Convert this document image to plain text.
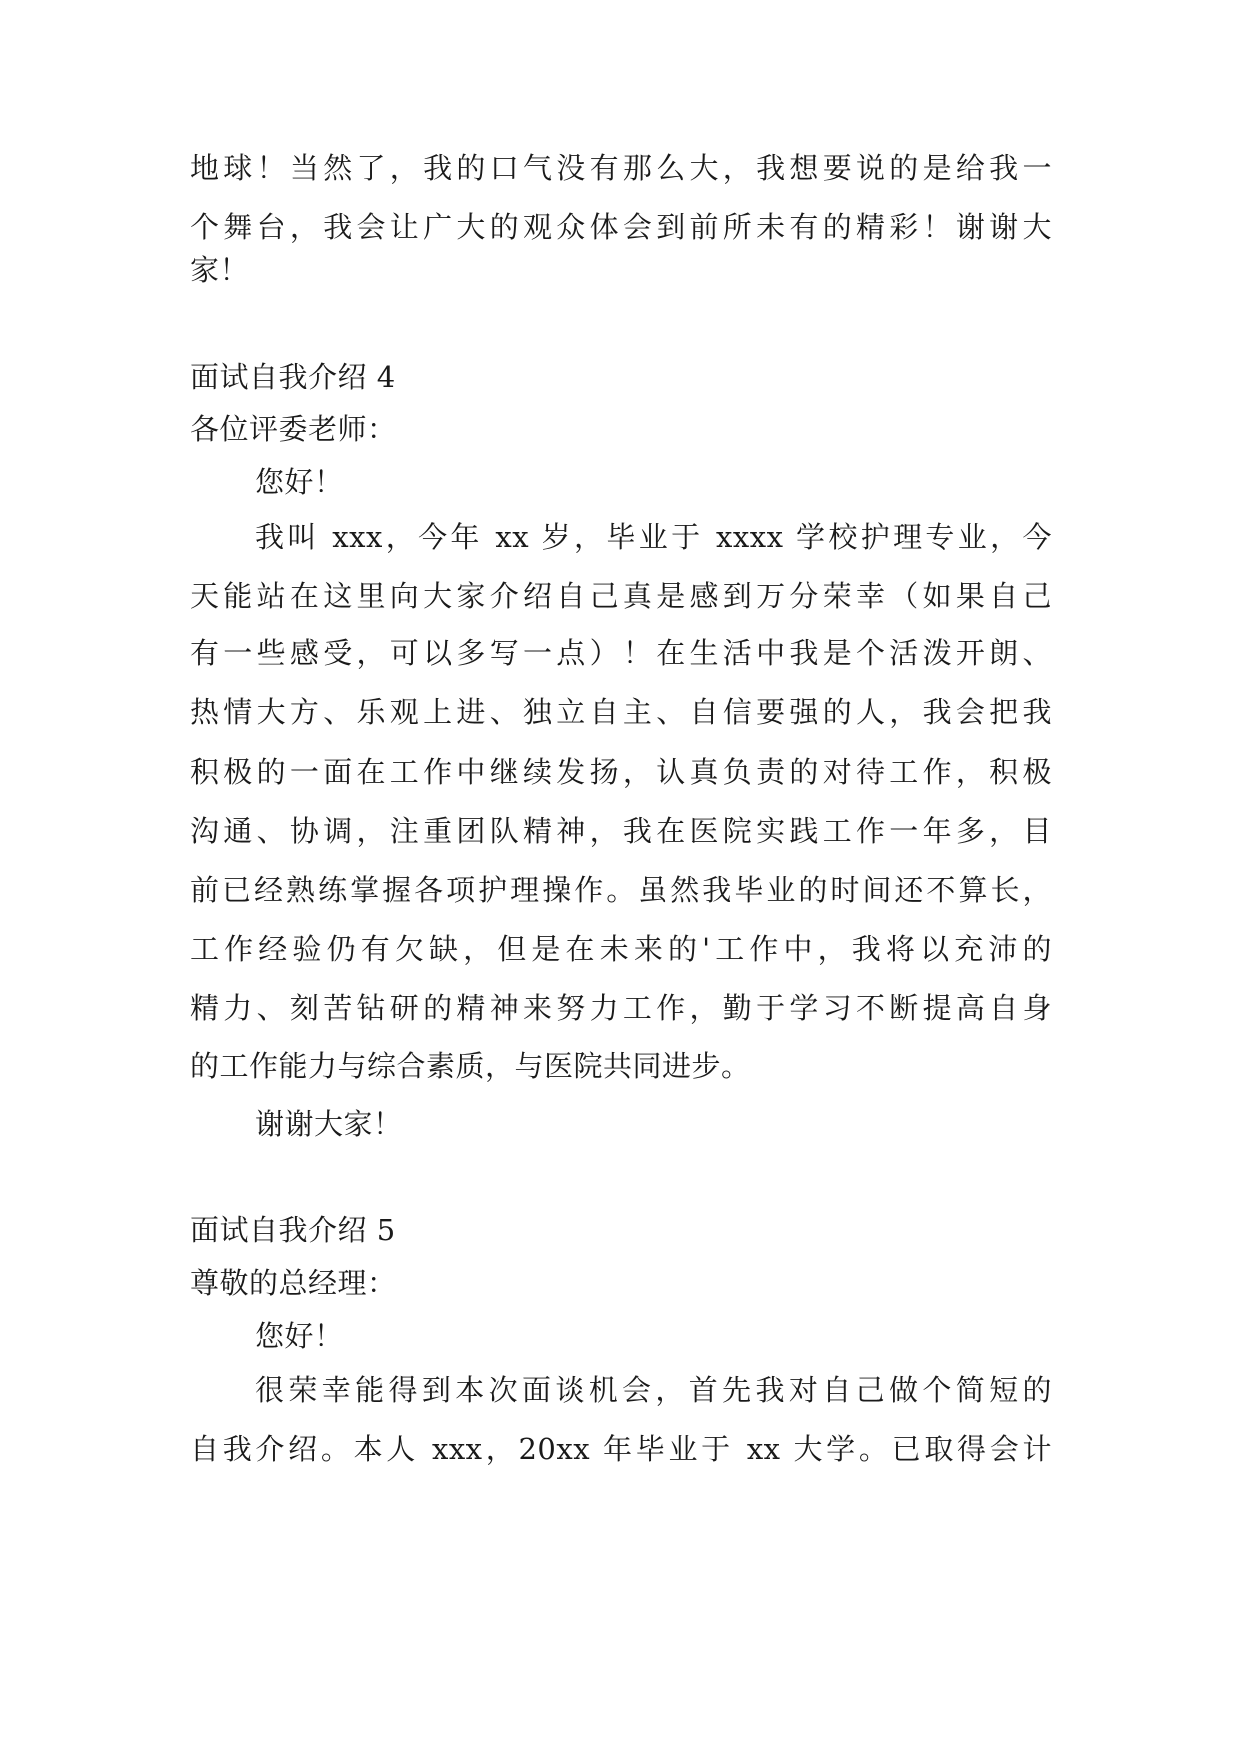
地球！当然了，我的口气没有那么大，我想要说的是给我一
个舞台，我会让广大的观众体会到前所未有的精彩！谢谢大
家！
面试自我介绍 4
各位评委老师：
您好！
我叫 xxx，今年 xx 岁，毕业于 xxxx 学校护理专业，今
天能站在这里向大家介绍自己真是感到万分荣幸（如果自己
有一些感受，可以多写一点）！在生活中我是个活泼开朗、
热情大方、乐观上进、独立自主、自信要强的人，我会把我
积极的一面在工作中继续发扬，认真负责的对待工作，积极
沟通、协调，注重团队精神，我在医院实践工作一年多，目
前已经熟练掌握各项护理操作。虽然我毕业的时间还不算长，
工作经验仍有欠缺，但是在未来的'工作中，我将以充沛的
精力、刻苦钻研的精神来努力工作，勤于学习不断提高自身
的工作能力与综合素质，与医院共同进步。
谢谢大家！
面试自我介绍 5
尊敬的总经理：
您好！
很荣幸能得到本次面谈机会，首先我对自己做个简短的
自我介绍。本人 xxx，20xx 年毕业于 xx 大学。已取得会计
